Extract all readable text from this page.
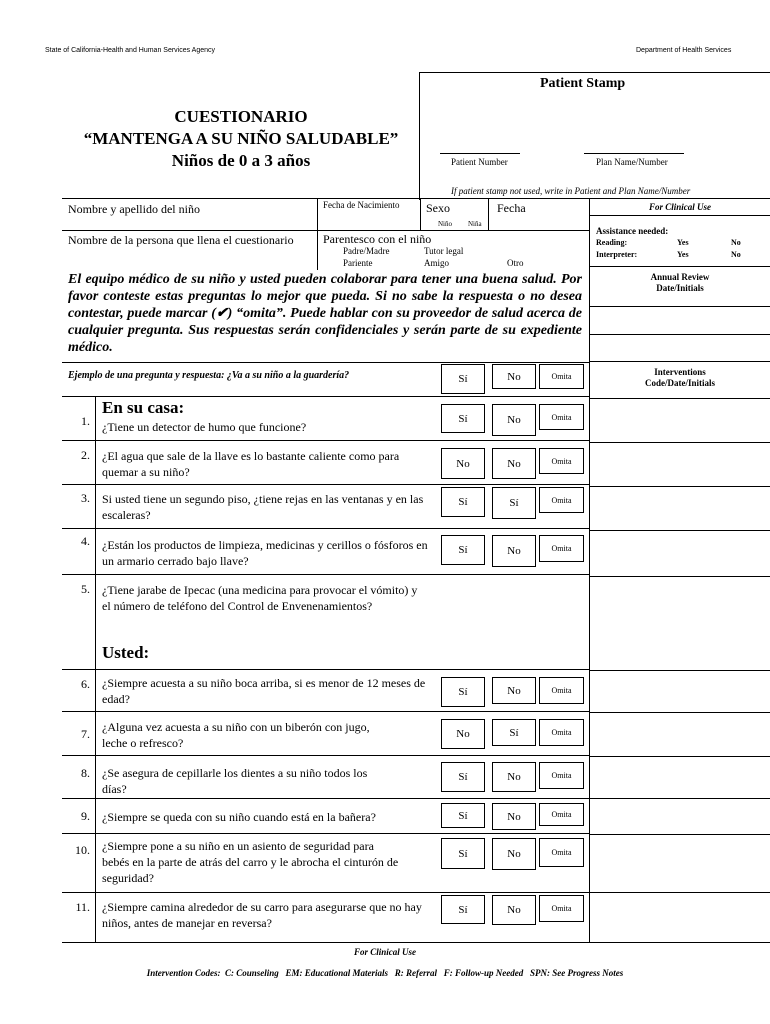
State of California-Health and Human Services Agency	Department of Health Services
Patient Stamp
Patient Number	Plan Name/Number
If patient stamp not used, write in Patient and Plan Name/Number
CUESTIONARIO
“MANTENGA A SU NIÑO SALUDABLE”
Niños de 0 a 3 años
Nombre y apellido del niño	Fecha de Nacimiento Sexo
Niño Niña
Fecha
Nombre de la persona que llena el cuestionario Parentesco con el niño
Padre/Madre	Tutor legal
Pariente	Amigo	Otro
For Clinical Use
Assistance needed:
Reading:	Yes	No
Interpreter:	Yes	No
Annual Review
Date/Initials
Interventions
Code/Date/Initials
El equipo médico de su niño y usted pueden colaborar para tener una buena salud. Por favor conteste estas preguntas lo mejor que pueda. Si no sabe la respuesta o no desea contestar, puede marcar (✔) “omita”. Puede hablar con su proveedor de salud acerca de cualquier pregunta. Sus respuestas serán confidenciales y serán parte de su expediente médico.
Ejemplo de una pregunta y respuesta: ¿Va a su niño a la guardería?	Sí	No	Omita
En su casa:
1. ¿Tiene un detector de humo que funcione?
Sí	No	Omita
2. ¿El agua que sale de la llave es lo bastante caliente como para quemar a su niño?
No	No	Omita
3. Si usted tiene un segundo piso, ¿tiene rejas en las ventanas y en las escaleras?
Sí	Sí	Omita
4. ¿Están los productos de limpieza, medicinas y cerillos o fósforos en un armario cerrado bajo llave?
Sí	No	Omita
5. ¿Tiene jarabe de Ipecac (una medicina para provocar el vómito) y el número de teléfono del Control de Envenenamientos?
Usted:
6. ¿Siempre acuesta a su niño boca arriba, si es menor de 12 meses de edad?	Sí	No	Omita
7. ¿Alguna vez acuesta a su niño con un biberón con jugo, leche o refresco?
No	Sí	Omita
8. ¿Se asegura de cepillarle los dientes a su niño todos los días?
Sí	No	Omita
9. ¿Siempre se queda con su niño cuando está en la bañera?	Sí	No	Omita
10. ¿Siempre pone a su niño en un asiento de seguridad para bebés en la parte de atrás del carro y le abrocha el cinturón de seguridad?
Sí	No	Omita
11. ¿Siempre camina alrededor de su carro para asegurarse que no hay niños, antes de manejar en reversa?
Sí	No	Omita
For Clinical Use
Intervention Codes:  C: Counseling   EM: Educational Materials   R: Referral   F: Follow-up Needed   SPN: See Progress Notes
